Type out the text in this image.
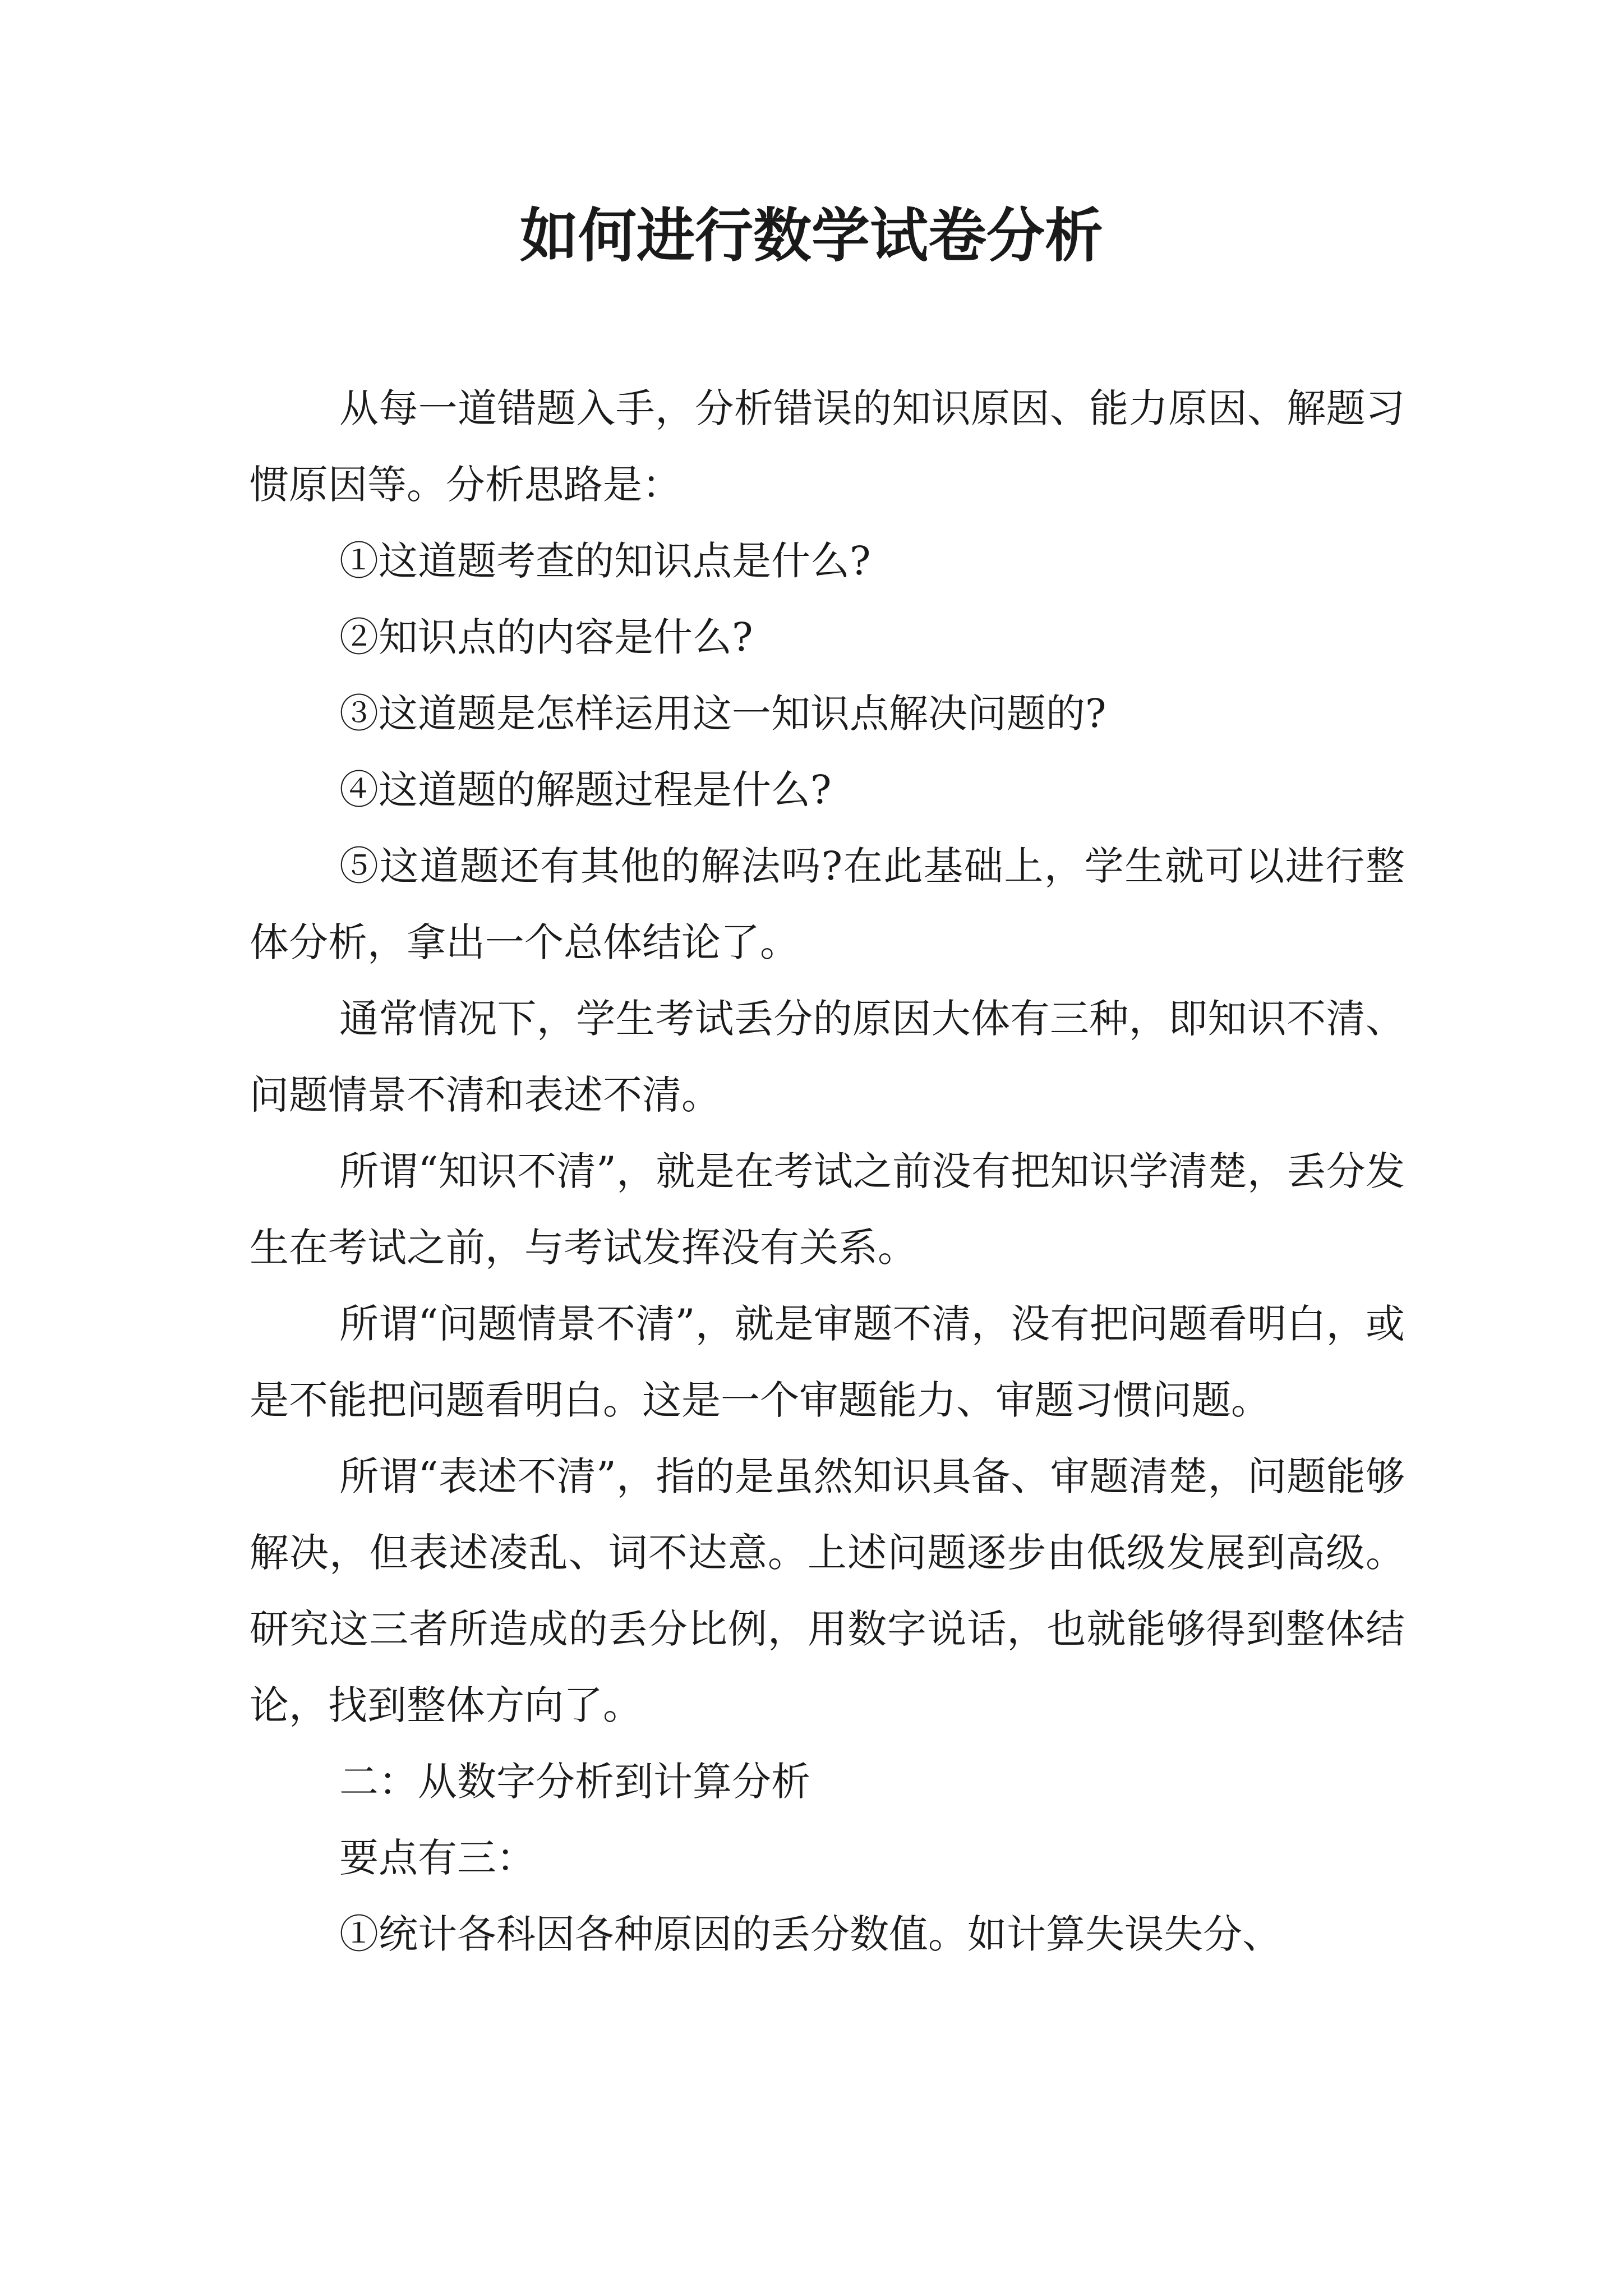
如何进行数学试卷分析

从每一道错题入手，分析错误的知识原因、能力原因、解题习惯原因等。分析思路是：

①这道题考查的知识点是什么?

②知识点的内容是什么?

③这道题是怎样运用这一知识点解决问题的?

④这道题的解题过程是什么?

⑤这道题还有其他的解法吗?在此基础上，学生就可以进行整体分析，拿出一个总体结论了。

通常情况下，学生考试丢分的原因大体有三种，即知识不清、问题情景不清和表述不清。

所谓“知识不清”，就是在考试之前没有把知识学清楚，丢分发生在考试之前，与考试发挥没有关系。

所谓“问题情景不清”，就是审题不清，没有把问题看明白，或是不能把问题看明白。这是一个审题能力、审题习惯问题。

所谓“表述不清”，指的是虽然知识具备、审题清楚，问题能够解决，但表述凌乱、词不达意。上述问题逐步由低级发展到高级。研究这三者所造成的丢分比例，用数字说话，也就能够得到整体结论，找到整体方向了。

二：从数字分析到计算分析

要点有三：

①统计各科因各种原因的丢分数值。如计算失误失分、
